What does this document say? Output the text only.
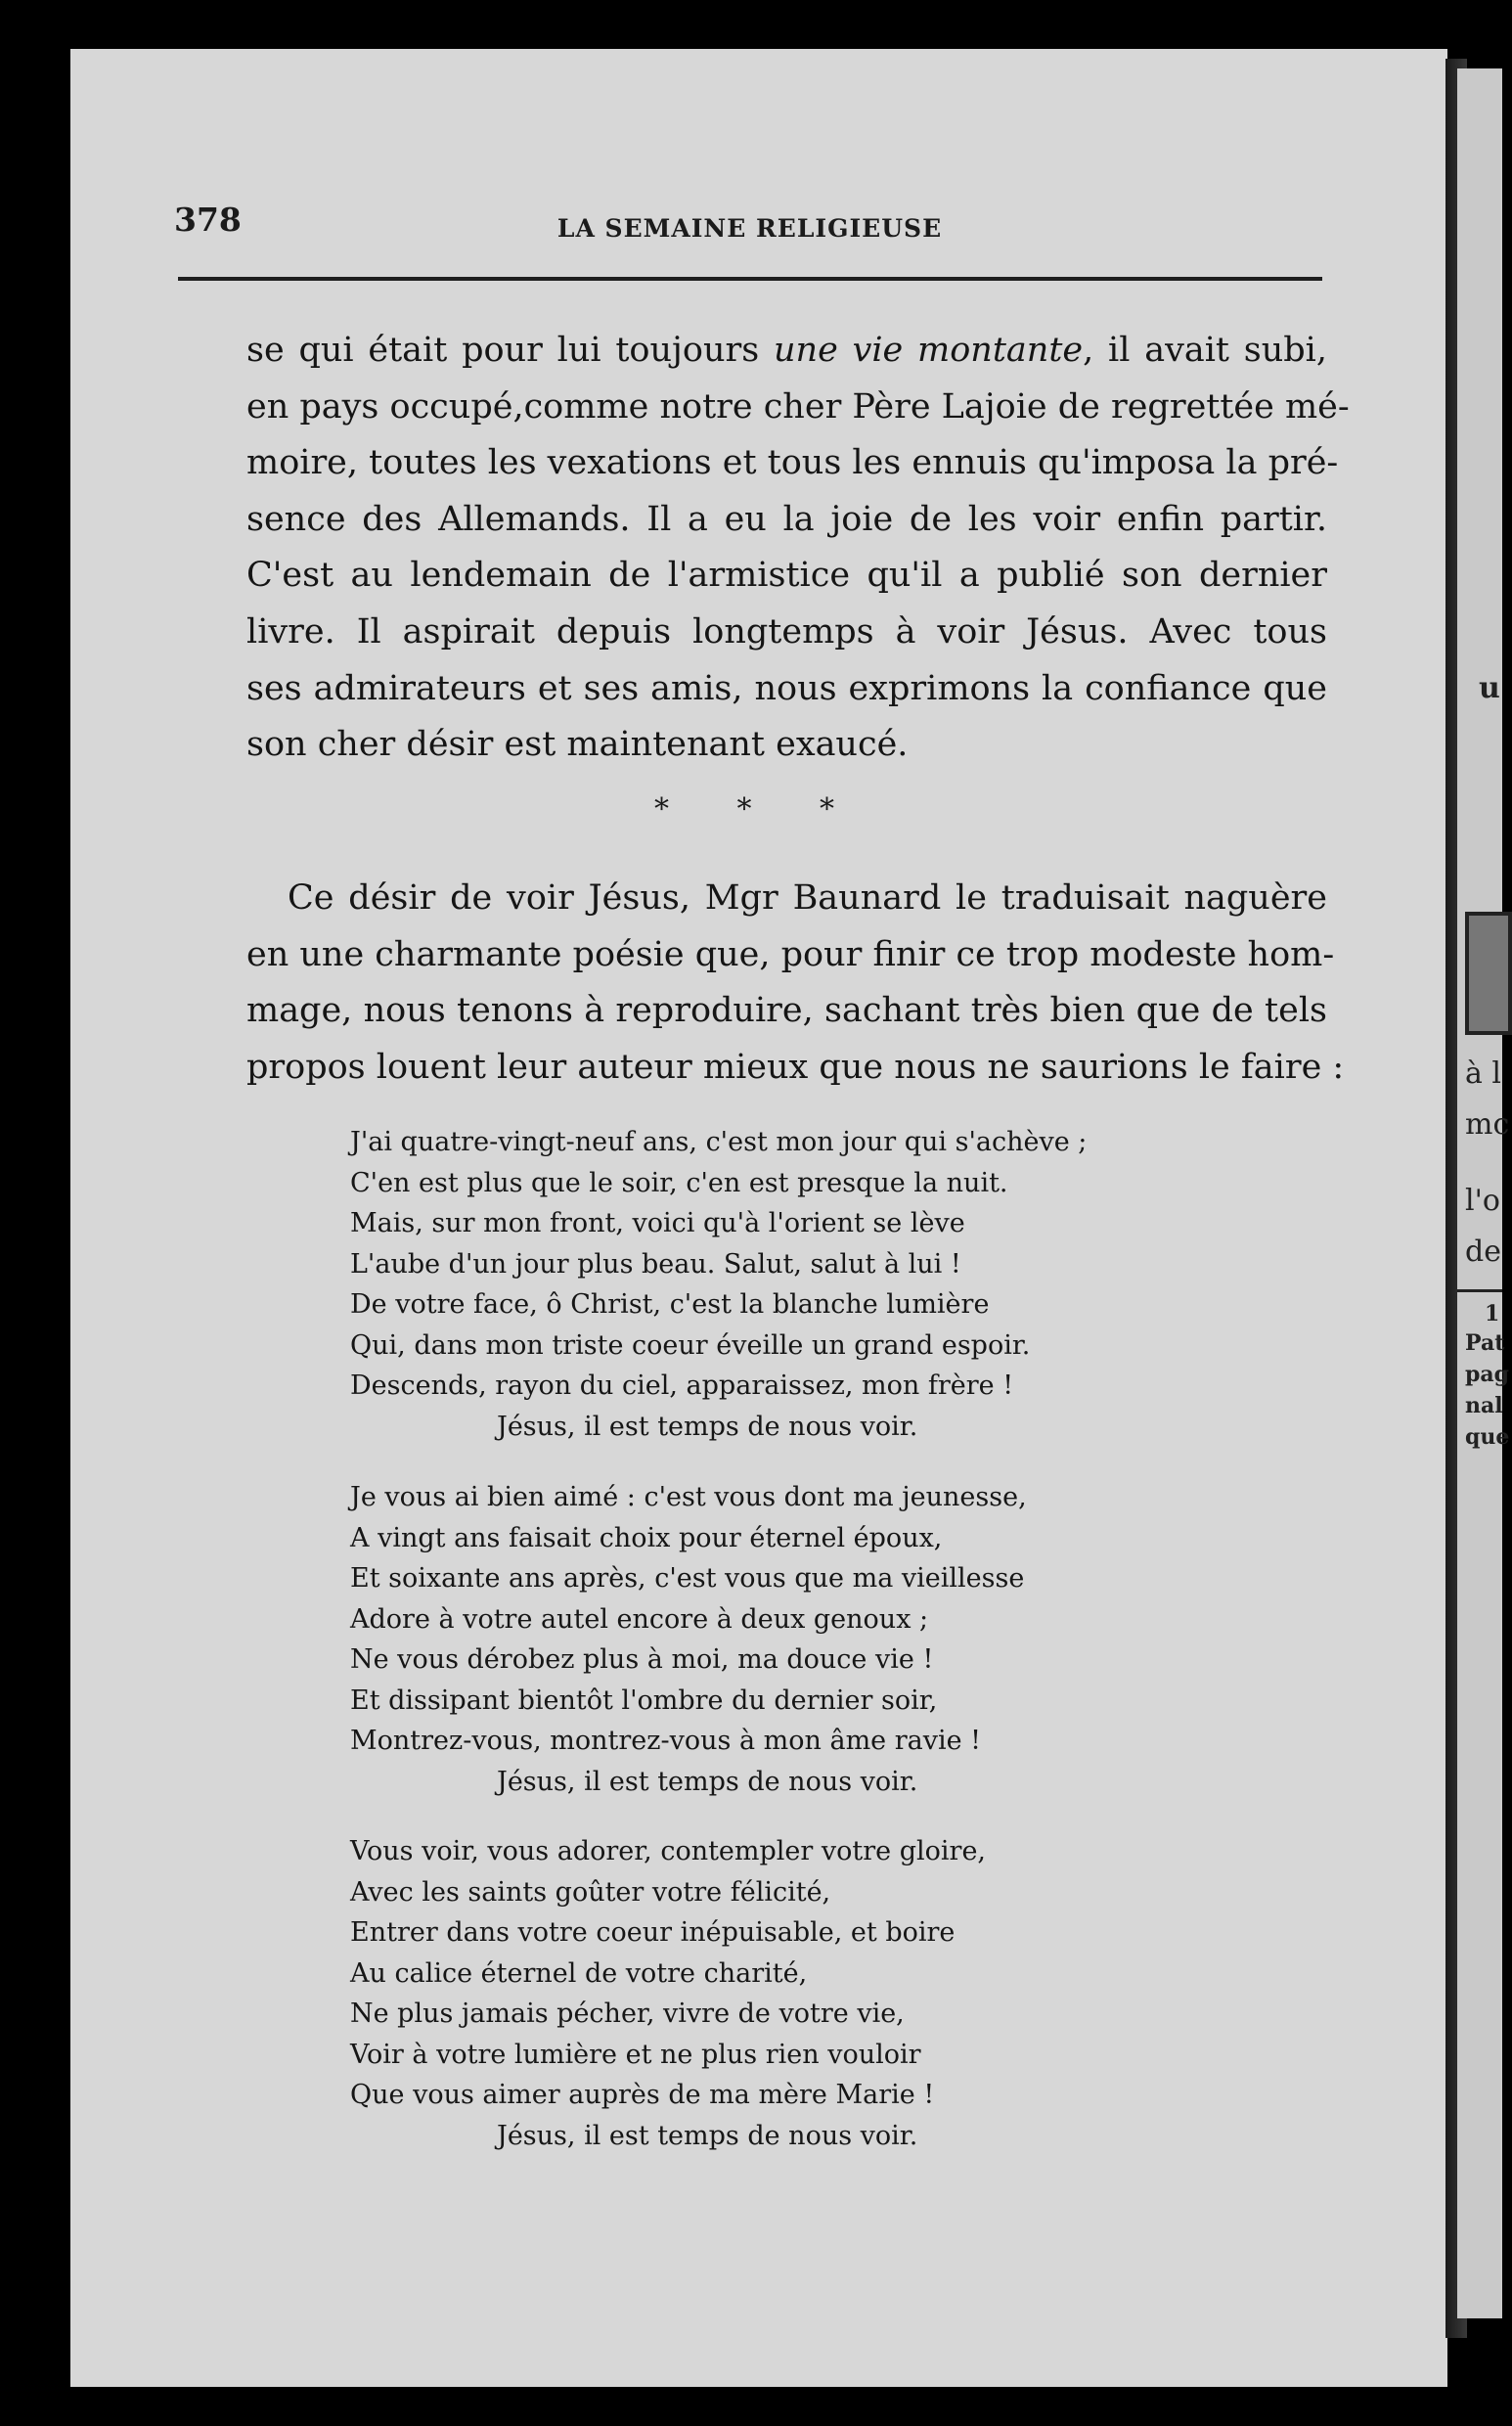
u
à l
mc
l'o
de
1
Pat
pag
nal
que
378	LA SEMAINE RELIGIEUSE
se qui était pour lui toujours une vie montante, il avait subi,
en pays occupé,comme notre cher Père Lajoie de regrettée mé-
moire, toutes les vexations et tous les ennuis qu'imposa la pré-
sence des Allemands. Il a eu la joie de les voir enfin partir.
C'est au lendemain de l'armistice qu'il a publié son dernier
livre. Il aspirait depuis longtemps à voir Jésus. Avec tous
ses admirateurs et ses amis, nous exprimons la confiance que
son cher désir est maintenant exaucé.
* * *
Ce désir de voir Jésus, Mgr Baunard le traduisait naguère
en une charmante poésie que, pour finir ce trop modeste hom-
mage, nous tenons à reproduire, sachant très bien que de tels
propos louent leur auteur mieux que nous ne saurions le faire :
J'ai quatre-vingt-neuf ans, c'est mon jour qui s'achève ;
C'en est plus que le soir, c'en est presque la nuit.
Mais, sur mon front, voici qu'à l'orient se lève
L'aube d'un jour plus beau. Salut, salut à lui !
De votre face, ô Christ, c'est la blanche lumière
Qui, dans mon triste coeur éveille un grand espoir.
Descends, rayon du ciel, apparaissez, mon frère !
Jésus, il est temps de nous voir.
Je vous ai bien aimé : c'est vous dont ma jeunesse,
A vingt ans faisait choix pour éternel époux,
Et soixante ans après, c'est vous que ma vieillesse
Adore à votre autel encore à deux genoux ;
Ne vous dérobez plus à moi, ma douce vie !
Et dissipant bientôt l'ombre du dernier soir,
Montrez-vous, montrez-vous à mon âme ravie !
Jésus, il est temps de nous voir.
Vous voir, vous adorer, contempler votre gloire,
Avec les saints goûter votre félicité,
Entrer dans votre coeur inépuisable, et boire
Au calice éternel de votre charité,
Ne plus jamais pécher, vivre de votre vie,
Voir à votre lumière et ne plus rien vouloir
Que vous aimer auprès de ma mère Marie !
Jésus, il est temps de nous voir.
